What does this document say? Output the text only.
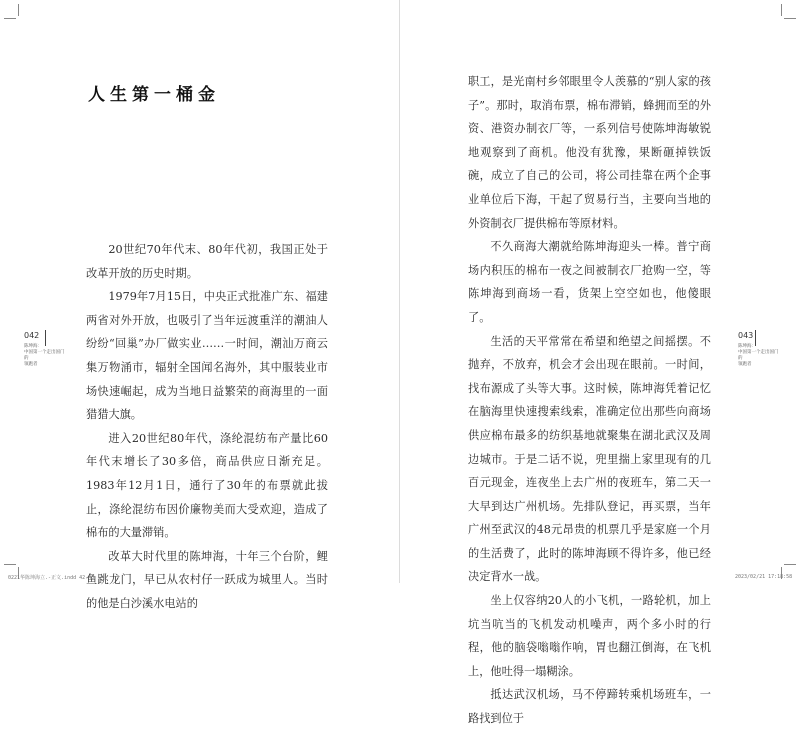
人生第一桶金

20世纪70年代末、80年代初，我国正处于改革开放的历史时期。

1979年7月15日，中央正式批准广东、福建两省对外开放，也吸引了当年远渡重洋的潮油人纷纷“回巢”办厂做实业……一时间，潮汕万商云集万物涌市，辐射全国闻名海外，其中服装业市场快速崛起，成为当地日益繁荣的商海里的一面猎猎大旗。

进入20世纪80年代，涤纶混纺布产量比60年代末增长了30多倍，商品供应日渐充足。1983年12月1日，通行了30年的布票就此拔止，涤纶混纺布因价廉物美而大受欢迎，造成了棉布的大量滞销。

改革大时代里的陈坤海，十年三个台阶，鲤鱼跳龙门，早已从农村仔一跃成为城里人。当时的他是白沙溪水电站的

042
陈坤海：
中国第一个走出国门的
领跑者
0221华陈坤海立.-正文.indd 42-43

职工，是光南村乡邻眼里令人羡慕的“别人家的孩子”。那时，取消布票，棉布滞销，蜂拥而至的外资、港资办制衣厂等，一系列信号使陈坤海敏锐地观察到了商机。他没有犹豫，果断砸掉铁饭碗，成立了自己的公司，将公司挂靠在两个企事业单位后下海，干起了贸易行当，主要向当地的外资制衣厂提供棉布等原材料。

不久商海大潮就给陈坤海迎头一棒。普宁商场内积压的棉布一夜之间被制衣厂抢购一空，等陈坤海到商场一看，货架上空空如也，他傻眼了。

生活的天平常常在希望和绝望之间摇摆。不抛弃，不放弃，机会才会出现在眼前。一时间，找布源成了头等大事。这时候，陈坤海凭着记忆在脑海里快速搜索线索，准确定位出那些向商场供应棉布最多的纺织基地就聚集在湖北武汉及周边城市。于是二话不说，兜里揣上家里现有的几百元现金，连夜坐上去广州的夜班车，第二天一大早到达广州机场。先排队登记，再买票，当年广州至武汉的48元昂贵的机票几乎是家庭一个月的生活费了，此时的陈坤海顾不得许多，他已经决定背水一战。

坐上仅容纳20人的小飞机，一路轮机，加上坑当吭当的飞机发动机噪声，两个多小时的行程，他的脑袋嗡嗡作响，胃也翻江倒海，在飞机上，他吐得一塌糊涂。

抵达武汉机场，马不停蹄转乘机场班车，一路找到位于

043
陈坤海：
中国第一个走出国门的
领跑者
2023/02/21 17:18:58
